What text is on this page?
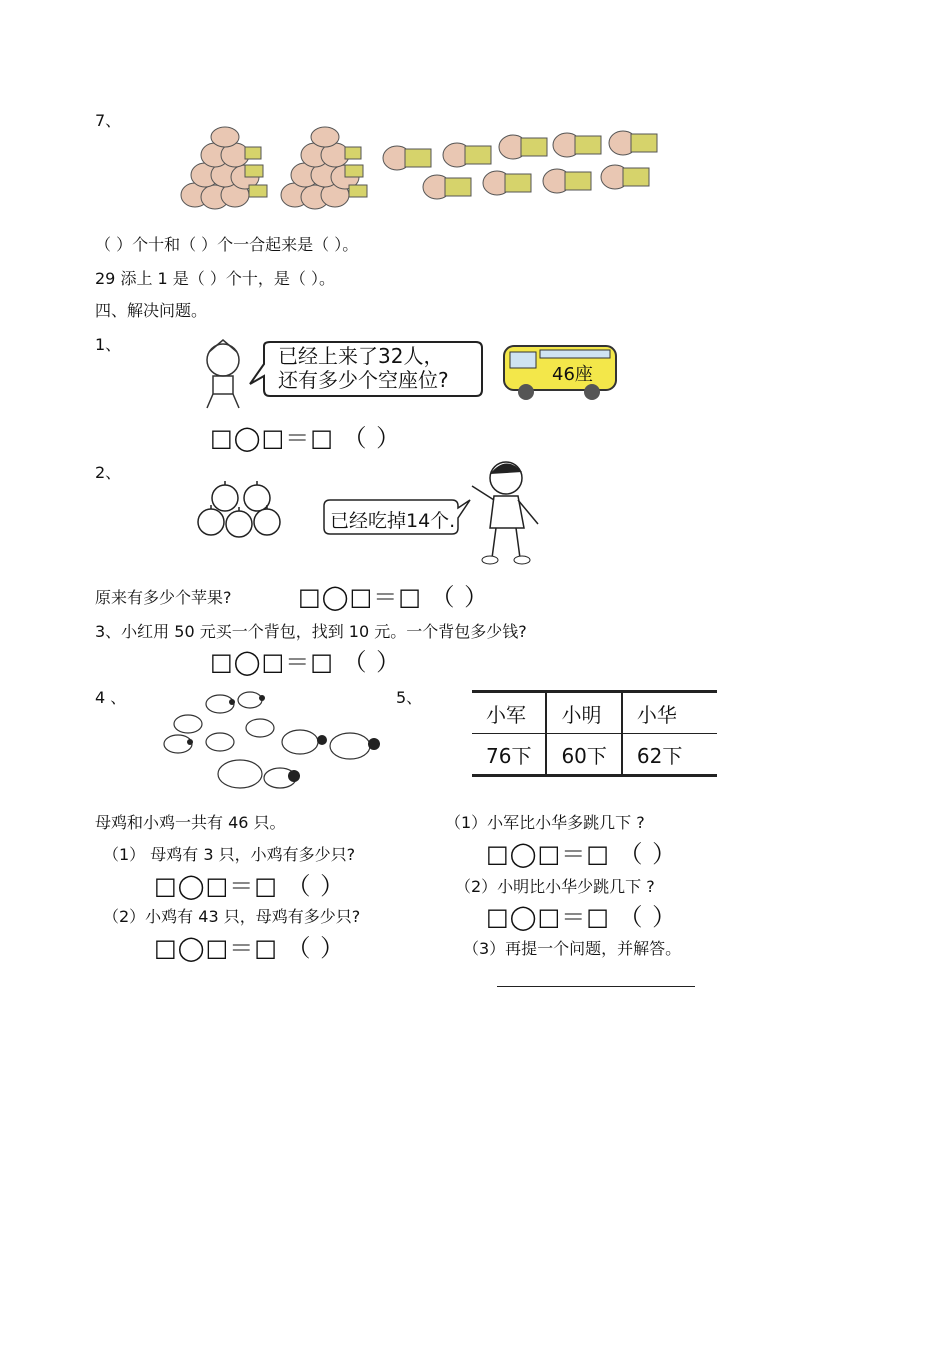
7、
（ ）个十和（ ）个一合起来是（ ）。
29 添上 1 是（ ）个十，是（ ）。
四、解决问题。
1、	已经上来了32人，
还有多少个空座位?	46座
□◯□＝□ （ ）
2、
已经吃掉14个.
原来有多少个苹果?	□◯□＝□ （ ）
3、小红用 50 元买一个背包，找到 10 元。一个背包多少钱?
□◯□＝□ （ ）
4 、
母鸡和小鸡一共有 46 只。
（1） 母鸡有 3 只，小鸡有多少只?
□◯□＝□ （ ）
（2）小鸡有 43 只，母鸡有多少只?
□◯□＝□ （ ）
5、
小军	小明	小华
76下	60下	62下
（1）小军比小华多跳几下 ?
□◯□＝□ （ ）
（2）小明比小华少跳几下 ?
□◯□＝□ （ ）
（3）再提一个问题，并解答。
